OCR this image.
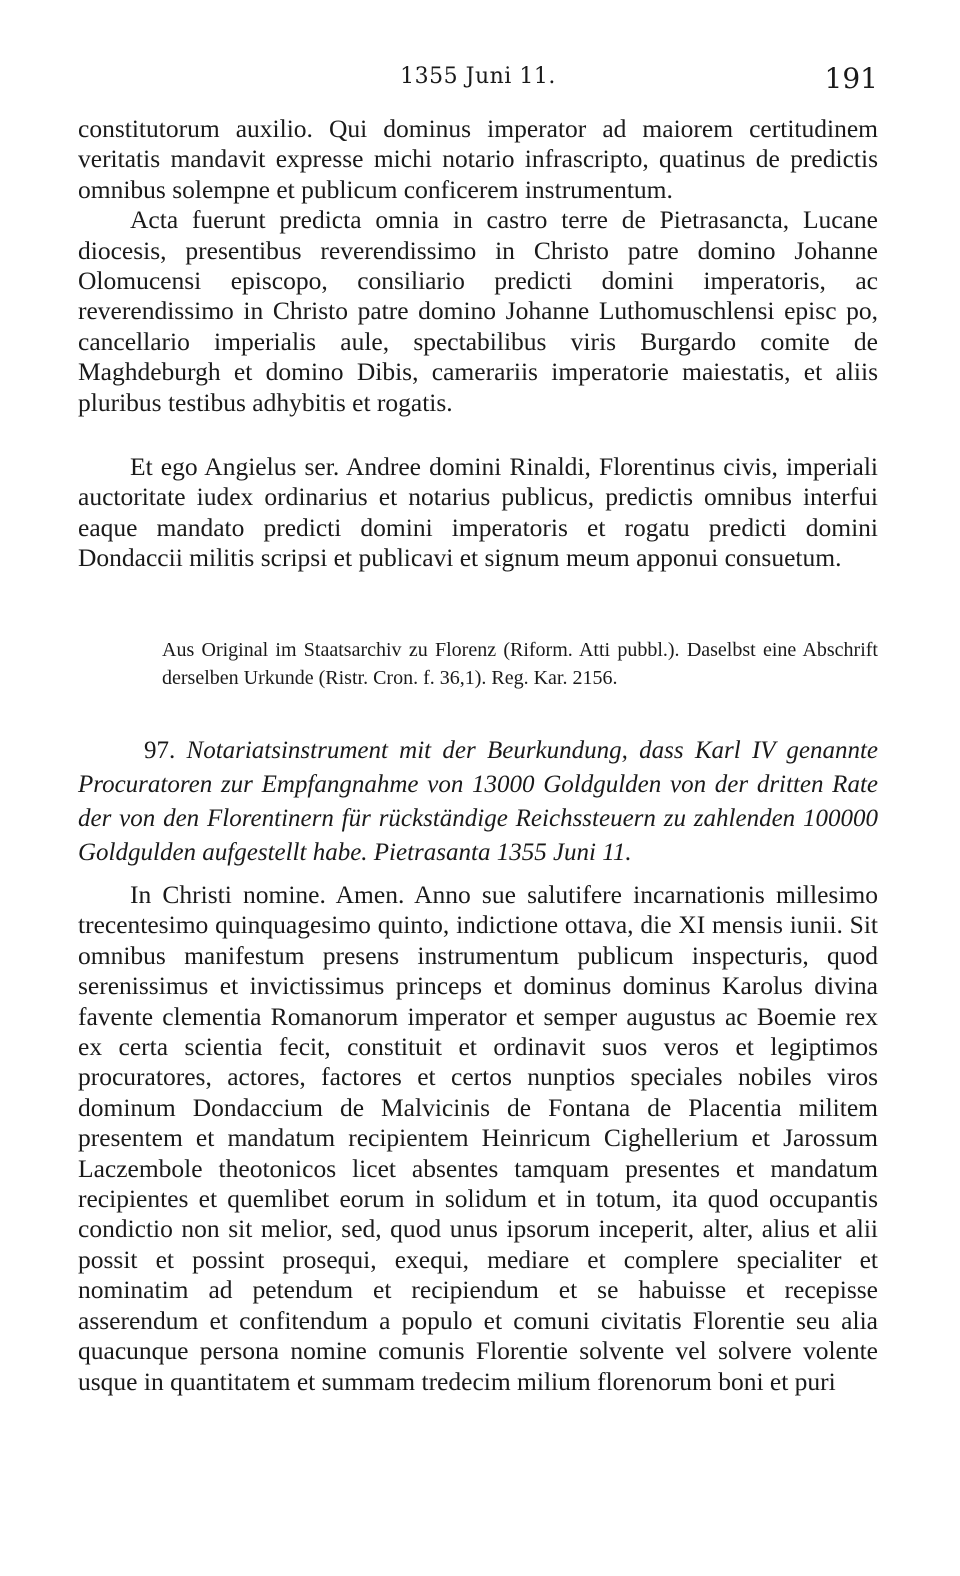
1355 Juni 11.	191

constitutorum auxilio. Qui dominus imperator ad maiorem certitudinem veritatis mandavit expresse michi notario infrascripto, quatinus de predictis omnibus solempne et publicum conficerem instrumentum.

Acta fuerunt predicta omnia in castro terre de Pietrasancta, Lucane diocesis, presentibus reverendissimo in Christo patre domino Johanne Olomucensi episcopo, consiliario predicti domini imperatoris, ac reverendissimo in Christo patre domino Johanne Luthomuschlensi episc po, cancellario imperialis aule, spectabilibus viris Burgardo comite de Maghdeburgh et domino Dibis, camerariis imperatorie maiestatis, et aliis pluribus testibus adhybitis et rogatis.

Et ego Angielus ser. Andree domini Rinaldi, Florentinus civis, imperiali auctoritate iudex ordinarius et notarius publicus, predictis omnibus interfui eaque mandato predicti domini imperatoris et rogatu predicti domini Dondaccii militis scripsi et publicavi et signum meum apponui consuetum.

Aus Original im Staatsarchiv zu Florenz (Riform. Atti pubbl.). Daselbst eine Abschrift derselben Urkunde (Ristr. Cron. f. 36,1). Reg. Kar. 2156.
97. Notariatsinstrument mit der Beurkundung, dass Karl IV genannte Procuratoren zur Empfangnahme von 13000 Goldgulden von der dritten Rate der von den Florentinern für rückständige Reichssteuern zu zahlenden 100000 Goldgulden aufgestellt habe. Pietrasanta 1355 Juni 11.

In Christi nomine. Amen. Anno sue salutifere incarnationis millesimo trecentesimo quinquagesimo quinto, indictione ottava, die XI mensis iunii. Sit omnibus manifestum presens instrumentum publicum inspecturis, quod serenissimus et invictissimus princeps et dominus dominus Karolus divina favente clementia Romanorum imperator et semper augustus ac Boemie rex ex certa scientia fecit, constituit et ordinavit suos veros et legiptimos procuratores, actores, factores et certos nunptios speciales nobiles viros dominum Dondaccium de Malvicinis de Fontana de Placentia militem presentem et mandatum recipientem Heinricum Cighellerium et Jarossum Laczembole theotonicos licet absentes tamquam presentes et mandatum recipientes et quemlibet eorum in solidum et in totum, ita quod occupantis condictio non sit melior, sed, quod unus ipsorum inceperit, alter, alius et alii possit et possint prosequi, exequi, mediare et complere specialiter et nominatim ad petendum et recipiendum et se habuisse et recepisse asserendum et confitendum a populo et comuni civitatis Florentie seu alia quacunque persona nomine comunis Florentie solvente vel solvere volente usque in quantitatem et summam tredecim milium florenorum boni et puri
